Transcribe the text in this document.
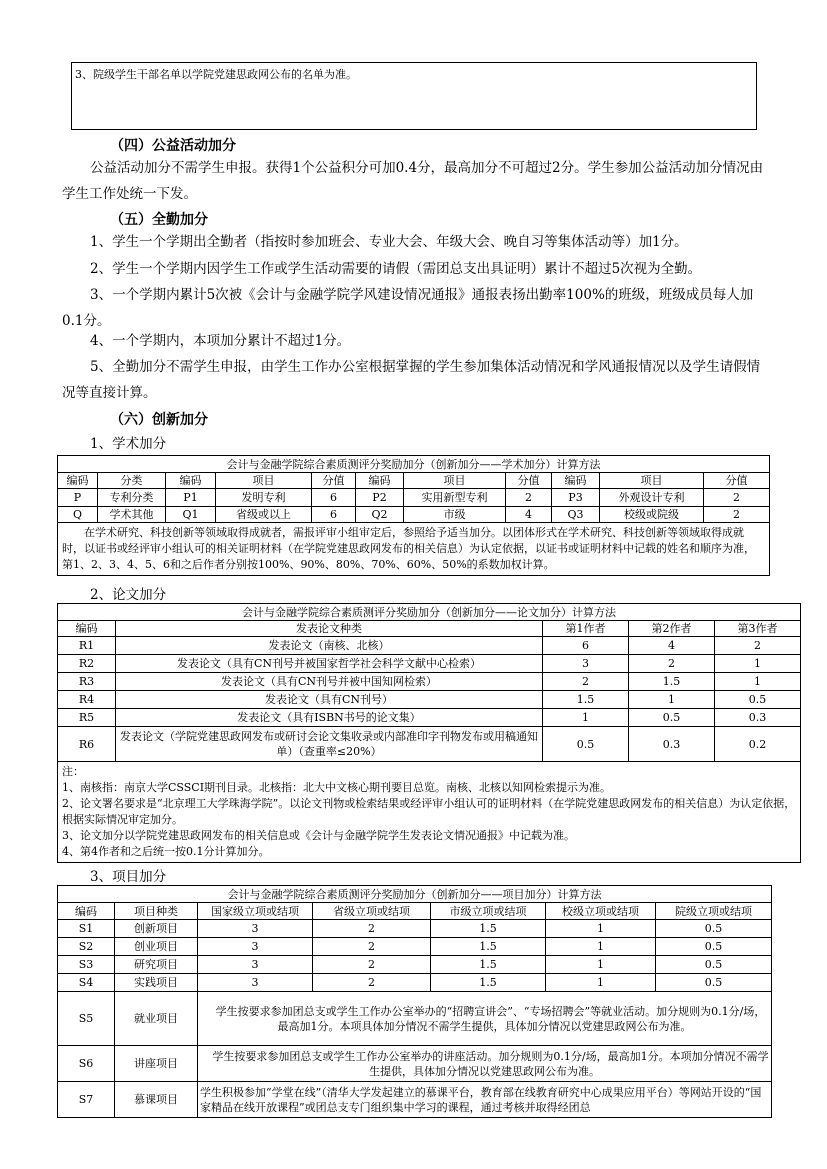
3、院级学生干部名单以学院党建思政网公布的名单为准。
（四）公益活动加分
公益活动加分不需学生申报。获得1个公益积分可加0.4分，最高加分不可超过2分。学生参加公益活动加分情况由学生工作处统一下发。
（五）全勤加分
1、学生一个学期出全勤者（指按时参加班会、专业大会、年级大会、晚自习等集体活动等）加1分。
2、学生一个学期内因学生工作或学生活动需要的请假（需团总支出具证明）累计不超过5次视为全勤。
3、一个学期内累计5次被《会计与金融学院学风建设情况通报》通报表扬出勤率100%的班级，班级成员每人加0.1分。
4、一个学期内，本项加分累计不超过1分。
5、全勤加分不需学生申报，由学生工作办公室根据掌握的学生参加集体活动情况和学风通报情况以及学生请假情况等直接计算。
（六）创新加分
1、学术加分
会计与金融学院综合素质测评分奖励加分（创新加分——学术加分）计算方法										
编码	分类	编码	项目	分值	编码	项目	分值	编码	项目	分值
P	专利分类	P1	发明专利	6	P2	实用新型专利	2	P3	外观设计专利	2
Q	学术其他	Q1	省级或以上	6	Q2	市级	4	Q3	校级或院级	2
在学术研究、科技创新等领域取得成就者，需报评审小组审定后，参照给予适当加分。以团体形式在学术研究、科技创新等领域取得成就时，以证书或经评审小组认可的相关证明材料（在学院党建思政网发布的相关信息）为认定依据，以证书或证明材料中记载的姓名和顺序为准，第1、2、3、4、5、6和之后作者分别按100%、90%、80%、70%、60%、50%的系数加权计算。										
2、论文加分
会计与金融学院综合素质测评分奖励加分（创新加分——论文加分）计算方法				
编码	发表论文种类	第1作者	第2作者	第3作者
R1	发表论文（南核、北核）	6	4	2
R2	发表论文（具有CN刊号并被国家哲学社会科学文献中心检索）	3	2	1
R3	发表论文（具有CN刊号并被中国知网检索）	2	1.5	1
R4	发表论文（具有CN刊号）	1.5	1	0.5
R5	发表论文（具有ISBN书号的论文集）	1	0.5	0.3
R6	发表论文（学院党建思政网发布或研讨会论文集收录或内部准印字刊物发布或用稿通知单）（查重率≤20%）	0.5	0.3	0.2

注：
1、南核指：南京大学CSSCI期刊目录。北核指：北大中文核心期刊要目总览。南核、北核以知网检索提示为准。
2、论文署名要求是“北京理工大学珠海学院”。以论文刊物或检索结果或经评审小组认可的证明材料（在学院党建思政网发布的相关信息）为认定依据，根据实际情况审定加分。
3、论文加分以学院党建思政网发布的相关信息或《会计与金融学院学生发表论文情况通报》中记载为准。
4、第4作者和之后统一按0.1分计算加分。				
3、项目加分
会计与金融学院综合素质测评分奖励加分（创新加分——项目加分）计算方法						
编码	项目种类	国家级立项或结项	省级立项或结项	市级立项或结项	校级立项或结项	院级立项或结项
S1	创新项目	3	2	1.5	1	0.5
S2	创业项目	3	2	1.5	1	0.5
S3	研究项目	3	2	1.5	1	0.5
S4	实践项目	3	2	1.5	1	0.5
S5	就业项目	学生按要求参加团总支或学生工作办公室举办的“招聘宣讲会”、“专场招聘会”等就业活动。加分规则为0.1分/场，最高加1分。本项具体加分情况不需学生提供，具体加分情况以党建思政网公布为准。				
S6	讲座项目	学生按要求参加团总支或学生工作办公室举办的讲座活动。加分规则为0.1分/场，最高加1分。本项加分情况不需学生提供，具体加分情况以党建思政网公布为准。				
S7	慕课项目	学生积极参加“学堂在线”（清华大学发起建立的慕课平台，教育部在线教育研究中心成果应用平台）等网站开设的“国家精品在线开放课程”或团总支专门组织集中学习的课程，通过考核并取得经团总				
